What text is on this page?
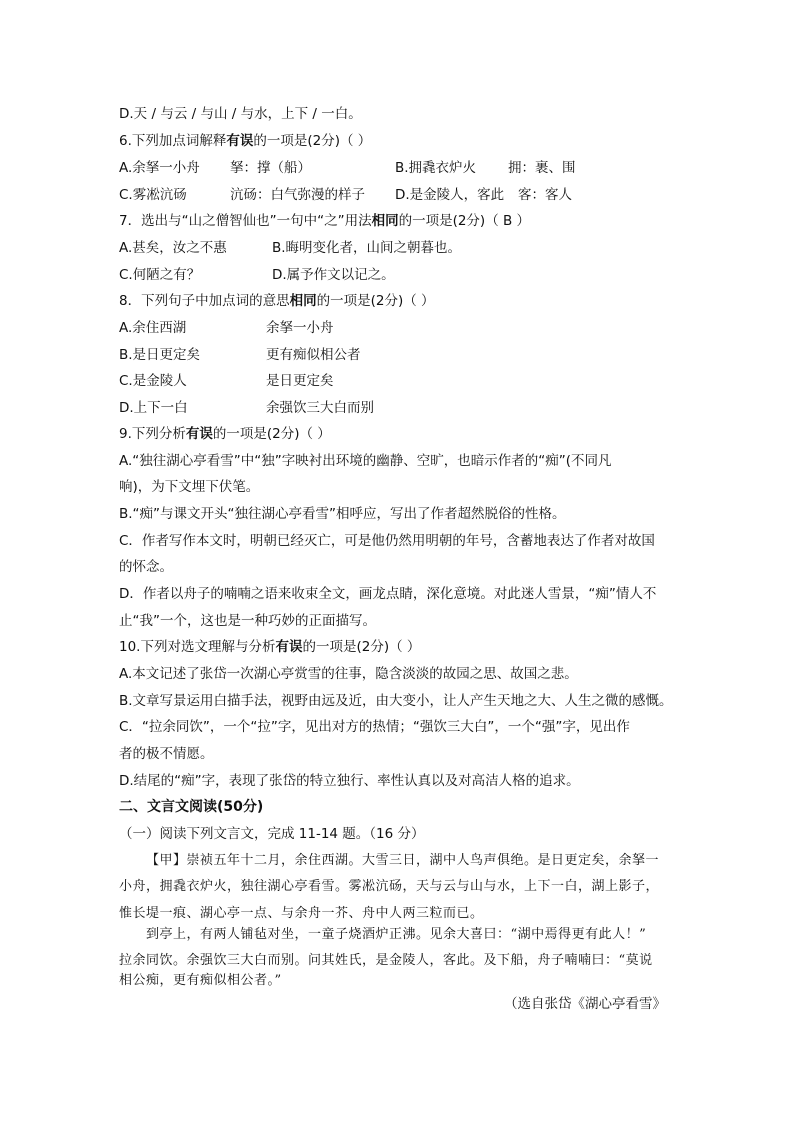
D.天 / 与云 / 与山 / 与水，上下 / 一白。
6.下列加点词解释有误的一项是(2分)（ ）
A.余拏一小舟 拏：撑（船）	B.拥毳衣炉火 拥：裹、围
C.雾凇沆砀	沆砀：白气弥漫的样子 D.是金陵人，客此 客：客人
7．选出与“山之僧智仙也”一句中“之”用法相同的一项是(2分)（ B ）
A.甚矣，汝之不惠	B.晦明变化者，山间之朝暮也。
C.何陋之有？	D.属予作文以记之。
8．下列句子中加点词的意思相同的一项是(2分)（ ）
A.余住西湖	余拏一小舟
B.是日更定矣	更有痴似相公者
C.是金陵人	是日更定矣
D.上下一白	余强饮三大白而别
9.下列分析有误的一项是(2分)（ ）
A.“独往湖心亭看雪”中“独”字映衬出环境的幽静、空旷，也暗示作者的“痴”(不同凡
响)，为下文埋下伏笔。
B.“痴”与课文开头“独往湖心亭看雪”相呼应，写出了作者超然脱俗的性格。
C．作者写作本文时，明朝已经灭亡，可是他仍然用明朝的年号，含蓄地表达了作者对故国
的怀念。
D．作者以舟子的喃喃之语来收束全文，画龙点睛，深化意境。对此迷人雪景，“痴”情人不
止“我”一个，这也是一种巧妙的正面描写。
10.下列对选文理解与分析有误的一项是(2分)（ ）
A.本文记述了张岱一次湖心亭赏雪的往事，隐含淡淡的故园之思、故国之悲。
B.文章写景运用白描手法，视野由远及近，由大变小，让人产生天地之大、人生之微的感慨。
C．“拉余同饮”，一个“拉”字，见出对方的热情；“强饮三大白”，一个“强”字，见出作
者的极不情愿。
D.结尾的“痴”字，表现了张岱的特立独行、率性认真以及对高洁人格的追求。
二、文言文阅读(50分)
（一）阅读下列文言文，完成 11-14 题。（16 分）
【甲】崇祯五年十二月，余住西湖。大雪三日，湖中人鸟声俱绝。是日更定矣，余拏一
小舟，拥毳衣炉火，独往湖心亭看雪。雾凇沆砀，天与云与山与水，上下一白，湖上影子，
惟长堤一痕、湖心亭一点、与余舟一芥、舟中人两三粒而已。
到亭上，有两人铺毡对坐，一童子烧酒炉正沸。见余大喜曰：“湖中焉得更有此人！”
拉余同饮。余强饮三大白而别。问其姓氏，是金陵人，客此。及下船，舟子喃喃曰：“莫说
相公痴，更有痴似相公者。”
（选自张岱《湖心亭看雪》
